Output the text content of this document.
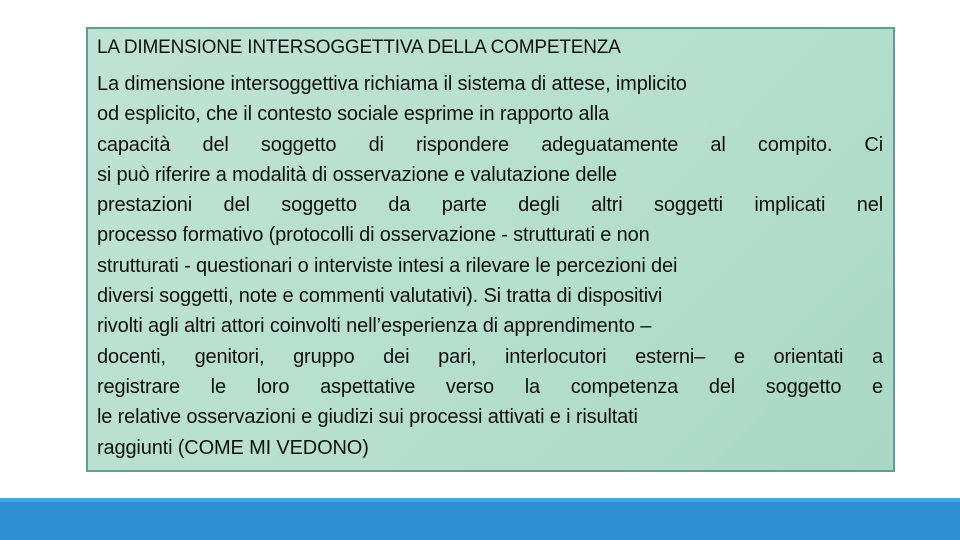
LA DIMENSIONE INTERSOGGETTIVA DELLA COMPETENZA
La dimensione intersoggettiva richiama il sistema di attese, implicito
od esplicito, che il contesto sociale esprime in rapporto alla
capacità del soggetto di rispondere adeguatamente al compito. Ci
si può riferire a modalità di osservazione e valutazione delle
prestazioni del soggetto da parte degli altri soggetti implicati nel
processo formativo (protocolli di osservazione - strutturati e non
strutturati - questionari o interviste intesi a rilevare le percezioni dei
diversi soggetti, note e commenti valutativi). Si tratta di dispositivi
rivolti agli altri attori coinvolti nell’esperienza di apprendimento –
docenti, genitori, gruppo dei pari, interlocutori esterni– e orientati a
registrare le loro aspettative verso la competenza del soggetto e
le relative osservazioni e giudizi sui processi attivati e i risultati
raggiunti (COME MI VEDONO)
